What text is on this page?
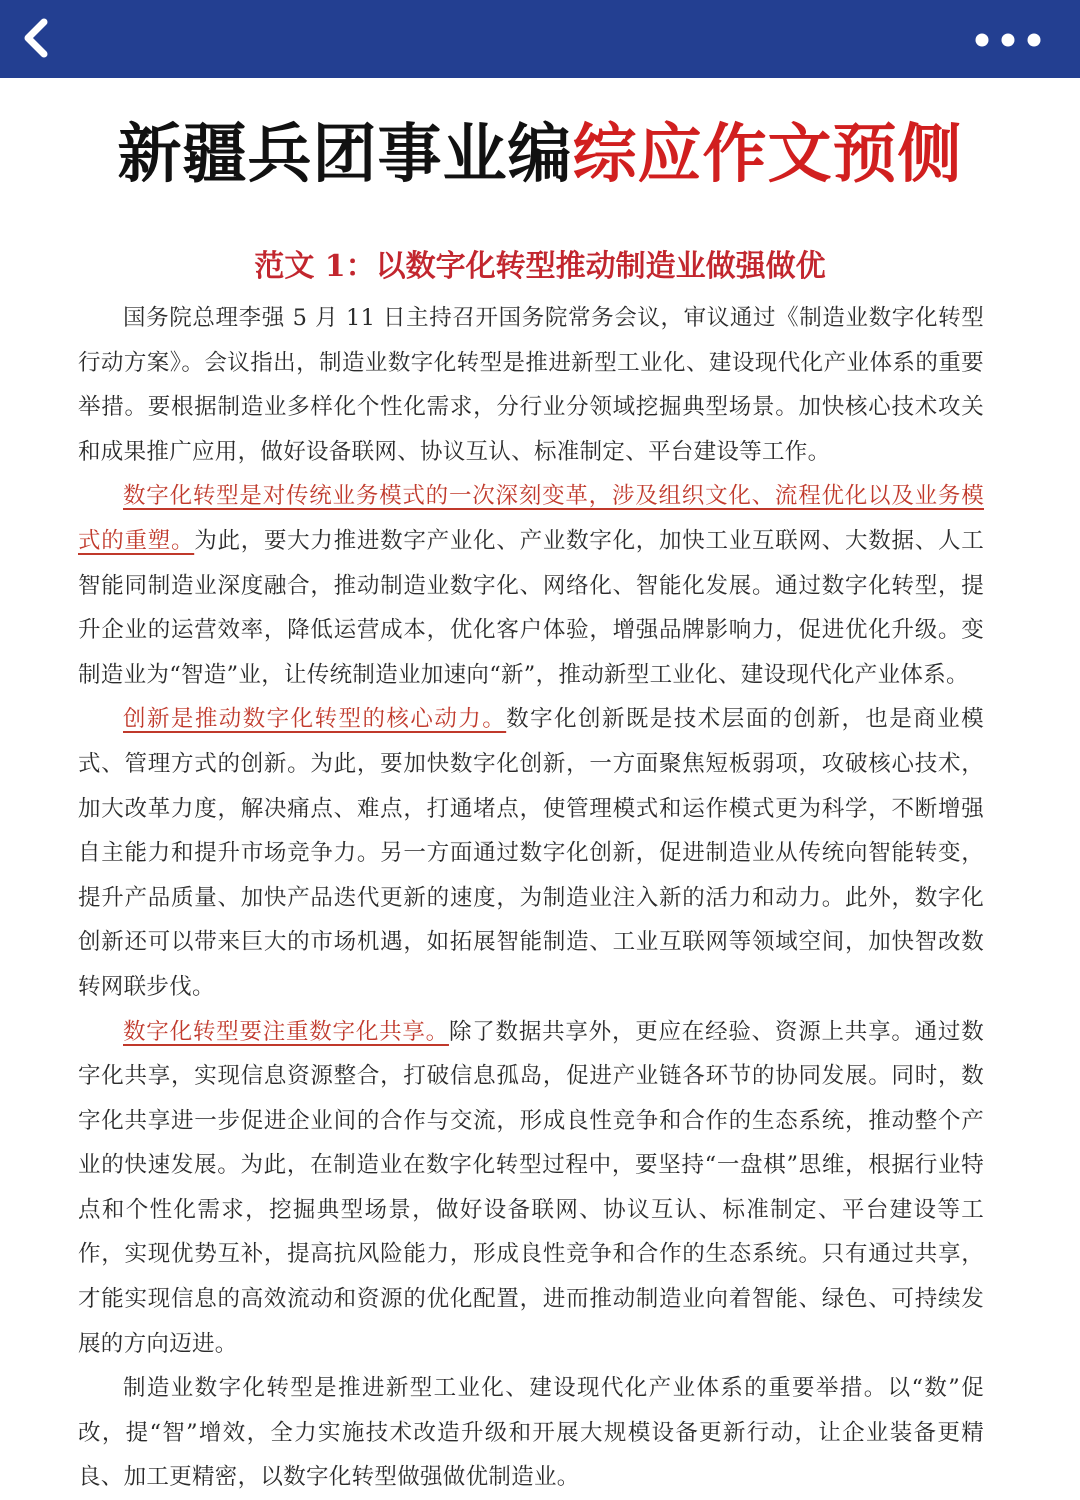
新疆兵团事业编综应作文预侧
范文 1：以数字化转型推动制造业做强做优

国务院总理李强 5 月 11 日主持召开国务院常务会议，审议通过《制造业数字化转型行动方案》。会议指出，制造业数字化转型是推进新型工业化、建设现代化产业体系的重要举措。要根据制造业多样化个性化需求，分行业分领域挖掘典型场景。加快核心技术攻关和成果推广应用，做好设备联网、协议互认、标准制定、平台建设等工作。

数字化转型是对传统业务模式的一次深刻变革，涉及组织文化、流程优化以及业务模式的重塑。为此，要大力推进数字产业化、产业数字化，加快工业互联网、大数据、人工智能同制造业深度融合，推动制造业数字化、网络化、智能化发展。通过数字化转型，提升企业的运营效率，降低运营成本，优化客户体验，增强品牌影响力，促进优化升级。变制造业为“智造”业，让传统制造业加速向“新”，推动新型工业化、建设现代化产业体系。

创新是推动数字化转型的核心动力。数字化创新既是技术层面的创新，也是商业模式、管理方式的创新。为此，要加快数字化创新，一方面聚焦短板弱项，攻破核心技术，加大改革力度，解决痛点、难点，打通堵点，使管理模式和运作模式更为科学，不断增强自主能力和提升市场竞争力。另一方面通过数字化创新，促进制造业从传统向智能转变，提升产品质量、加快产品迭代更新的速度，为制造业注入新的活力和动力。此外，数字化创新还可以带来巨大的市场机遇，如拓展智能制造、工业互联网等领域空间，加快智改数转网联步伐。

数字化转型要注重数字化共享。除了数据共享外，更应在经验、资源上共享。通过数字化共享，实现信息资源整合，打破信息孤岛，促进产业链各环节的协同发展。同时，数字化共享进一步促进企业间的合作与交流，形成良性竞争和合作的生态系统，推动整个产业的快速发展。为此，在制造业在数字化转型过程中，要坚持“一盘棋”思维，根据行业特点和个性化需求，挖掘典型场景，做好设备联网、协议互认、标准制定、平台建设等工作，实现优势互补，提高抗风险能力，形成良性竞争和合作的生态系统。只有通过共享，才能实现信息的高效流动和资源的优化配置，进而推动制造业向着智能、绿色、可持续发展的方向迈进。

制造业数字化转型是推进新型工业化、建设现代化产业体系的重要举措。以“数”促改，提“智”增效，全力实施技术改造升级和开展大规模设备更新行动，让企业装备更精良、加工更精密，以数字化转型做强做优制造业。
